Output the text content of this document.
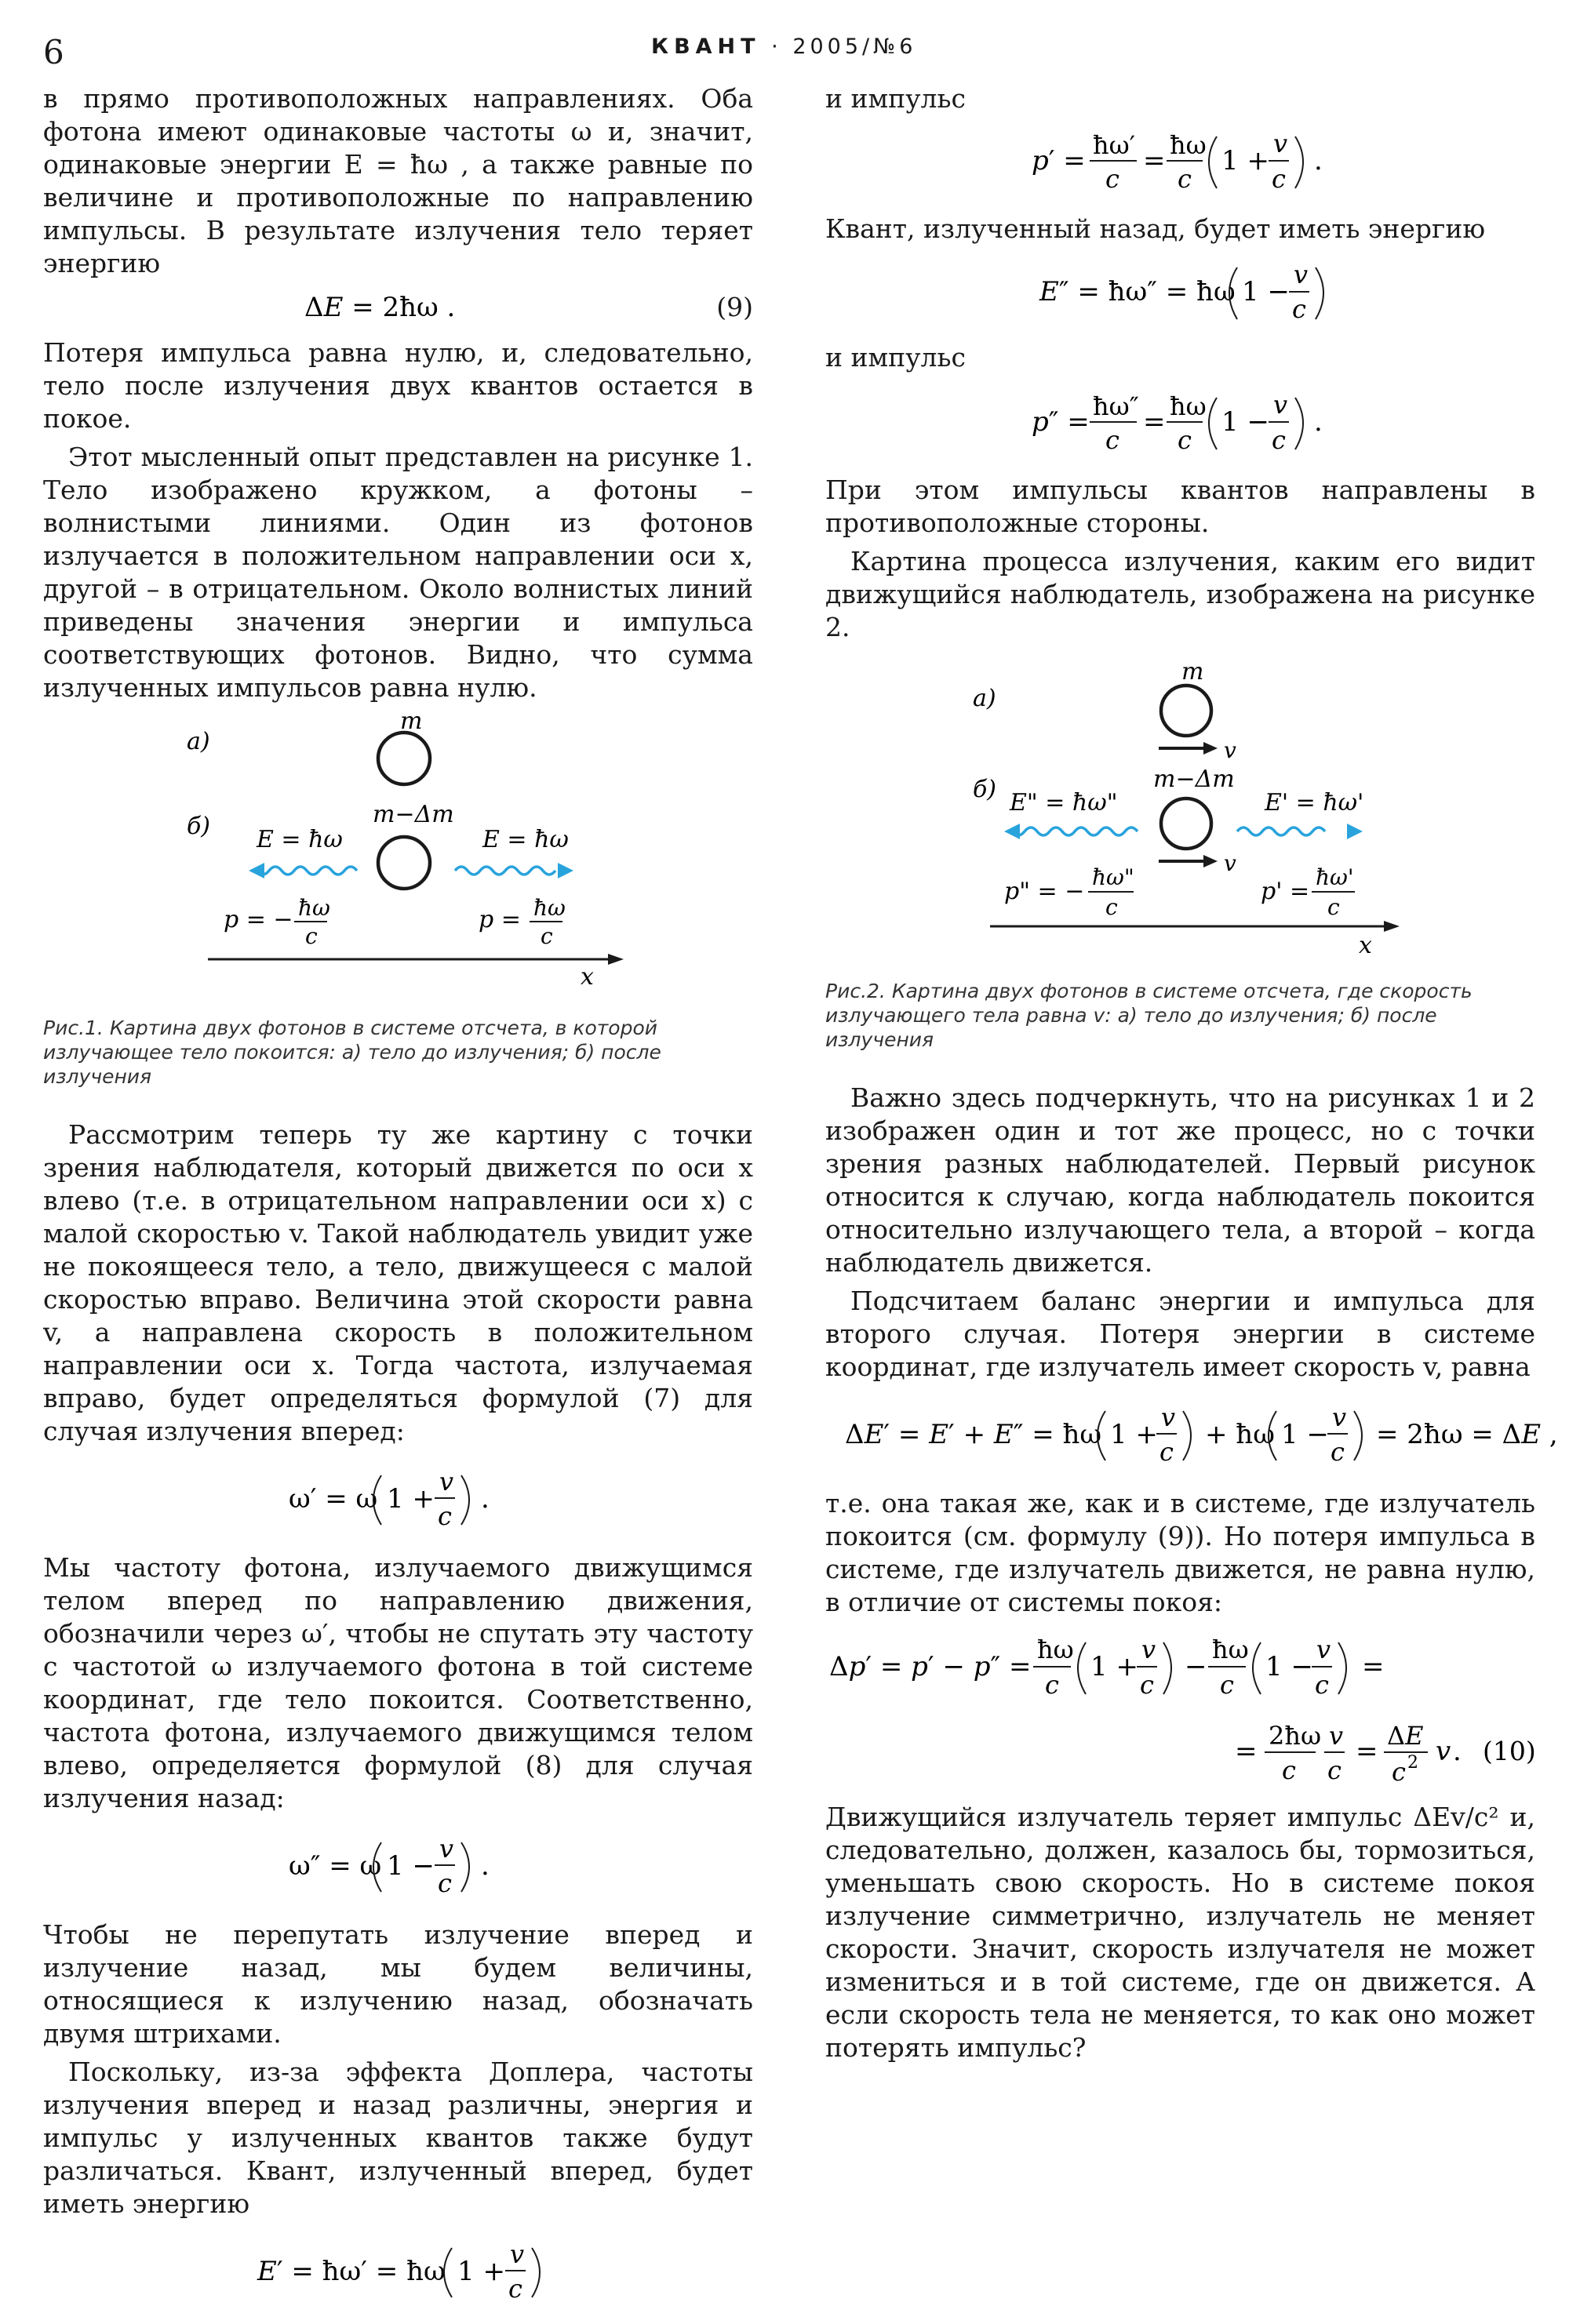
6	КВАНТ · 2005/№6

в прямо противоположных направлениях. Оба фотона имеют одинаковые частоты ω и, значит, одинаковые энергии E = ħω , а также равные по величине и противоположные по направлению импульсы. В результате излучения тело теряет энергию

ΔE = 2ħω .	(9)

Потеря импульса равна нулю, и, следовательно, тело после излучения двух квантов остается в покое.

Этот мысленный опыт представлен на рисунке 1. Тело изображено кружком, а фотоны – волнистыми линиями. Один из фотонов излучается в положительном направлении оси x, другой – в отрицательном. Около волнистых линий приведены значения энергии и импульса соответствующих фотонов. Видно, что сумма излученных импульсов равна нулю.

а)
m
б)	m−Δm
E = ħω	E = ħω
p = − ħω
c
p = ħω
c
x
Рис.1. Картина двух фотонов в системе отсчета, в которой излучающее тело покоится: а) тело до излучения; б) после излучения

Рассмотрим теперь ту же картину с точки зрения наблюдателя, который движется по оси x влево (т.е. в отрицательном направлении оси x) с малой скоростью v. Такой наблюдатель увидит уже не покоящееся тело, а тело, движущееся с малой скоростью вправо. Величина этой скорости равна v, а направлена скорость в положительном направлении оси x. Тогда частота, излучаемая вправо, будет определяться формулой (7) для случая излучения вперед:

ω′ = ω 1 +
v
c
.

Мы частоту фотона, излучаемого движущимся телом вперед по направлению движения, обозначили через ω′, чтобы не спутать эту частоту с частотой ω излучаемого фотона в той системе координат, где тело покоится. Соответственно, частота фотона, излучаемого движущимся телом влево, определяется формулой (8) для случая излучения назад:

ω″ = ω 1 −
v
c
.

Чтобы не перепутать излучение вперед и излучение назад, мы будем величины, относящиеся к излучению назад, обозначать двумя штрихами.

Поскольку, из-за эффекта Доплера, частоты излучения вперед и назад различны, энергия и импульс у излученных квантов также будут различаться. Квант, излученный вперед, будет иметь энергию

E′ = ħω′ = ħω 1 +
v
c

и импульс

p′ = ħω′
c
= ħω
c
1 +
v
c
.

Квант, излученный назад, будет иметь энергию

E″ = ħω″ = ħω 1 −
v
c

и импульс

p″ = ħω″
c
= ħω
c
1 −
v
c
.

При этом импульсы квантов направлены в противоположные стороны.

Картина процесса излучения, каким его видит движущийся наблюдатель, изображена на рисунке 2.

а)
m
v
б)	m−Δm
v
E" = ħω"	E' = ħω'
p" = −
ħω"
c
p' =
ħω'
c
x
Рис.2. Картина двух фотонов в системе отсчета, где скорость излучающего тела равна v: а) тело до излучения; б) после излучения

Важно здесь подчеркнуть, что на рисунках 1 и 2 изображен один и тот же процесс, но с точки зрения разных наблюдателей. Первый рисунок относится к случаю, когда наблюдатель покоится относительно излучающего тела, а второй – когда наблюдатель движется.

Подсчитаем баланс энергии и импульса для второго случая. Потеря энергии в системе координат, где излучатель имеет скорость v, равна

ΔE′ = E′ + E″ = ħω 1 +
v
c
+ ħω 1 −
v
c
= 2ħω = ΔE ,

т.е. она такая же, как и в системе, где излучатель покоится (см. формулу (9)). Но потеря импульса в системе, где излучатель движется, не равна нулю, в отличие от системы покоя:

Δp′ = p′ − p″ =
ħω
c
1 +
v
c
−
ħω
c
1 −
v
c
=
= 2ħω
c
v
c
= ΔE
c 2 v . (10)

Движущийся излучатель теряет импульс ΔEv/c² и, следовательно, должен, казалось бы, тормозиться, уменьшать свою скорость. Но в системе покоя излучение симметрично, излучатель не меняет скорости. Значит, скорость излучателя не может измениться и в той системе, где он движется. А если скорость тела не меняется, то как оно может потерять импульс?
